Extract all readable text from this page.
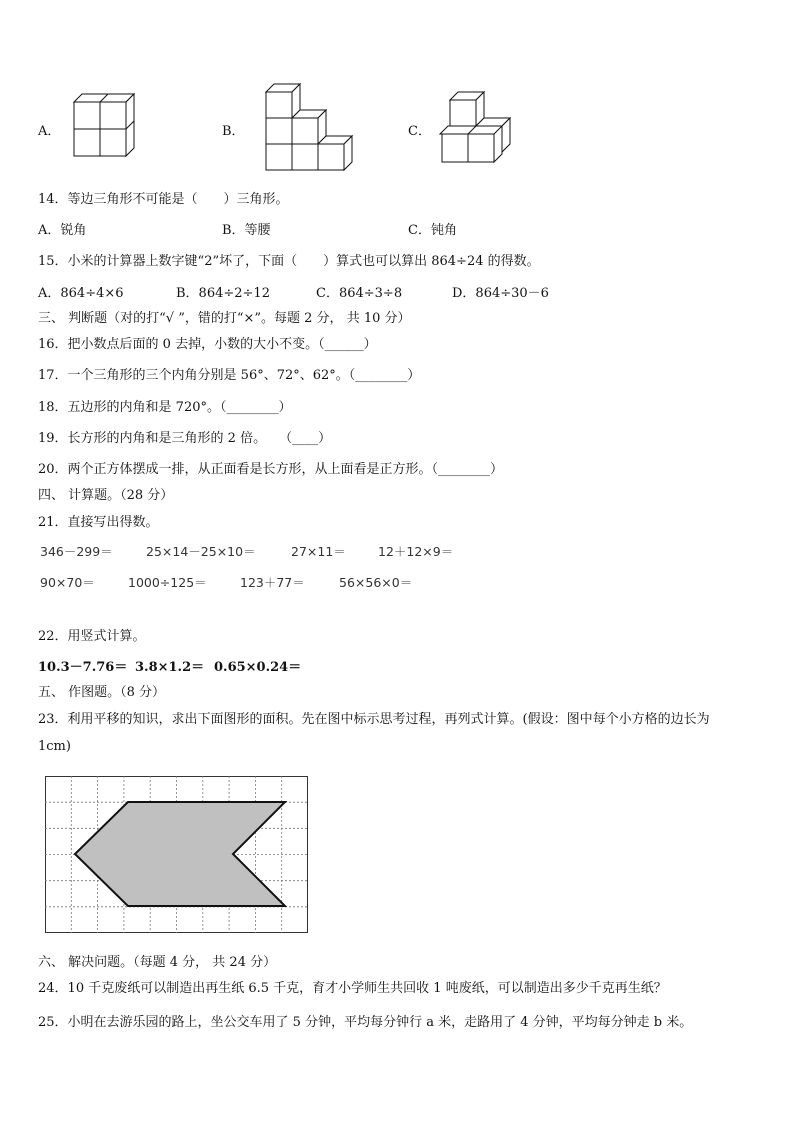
A．	B．	C．
14．等边三角形不可能是（　　）三角形。
A．锐角	B．等腰	C．钝角
15．小米的计算器上数字键“2”坏了，下面（　　）算式也可以算出 864÷24 的得数。
A．864÷4×6	B．864÷2÷12	C．864÷3÷8	D．864÷30－6
三、 判断题（对的打“√ ”，错的打“×”。每题 2 分， 共 10 分）
16．把小数点后面的 0 去掉，小数的大小不变。（______）
17．一个三角形的三个内角分别是 56°、72°、62°。（________）
18．五边形的内角和是 720°。（________）
19．长方形的内角和是三角形的 2 倍。　　（____）
20．两个正方体摆成一排，从正面看是长方形，从上面看是正方形。（________）
四、 计算题。（28 分）
21．直接写出得数。
346－299＝	25×14－25×10＝	27×11＝	12＋12×9＝
90×70＝	1000÷125＝	123＋77＝	56×56×0＝
22．用竖式计算。
10.3－7.76＝ 3.8×1.2＝ 0.65×0.24＝
五、 作图题。（8 分）
23．利用平移的知识，求出下面图形的面积。先在图中标示思考过程，再列式计算。(假设：图中每个小方格的边长为
1cm)
六、 解决问题。（每题 4 分， 共 24 分）
24．10 千克废纸可以制造出再生纸 6.5 千克，育才小学师生共回收 1 吨废纸，可以制造出多少千克再生纸？
25．小明在去游乐园的路上，坐公交车用了 5 分钟，平均每分钟行 a 米，走路用了 4 分钟，平均每分钟走 b 米。
